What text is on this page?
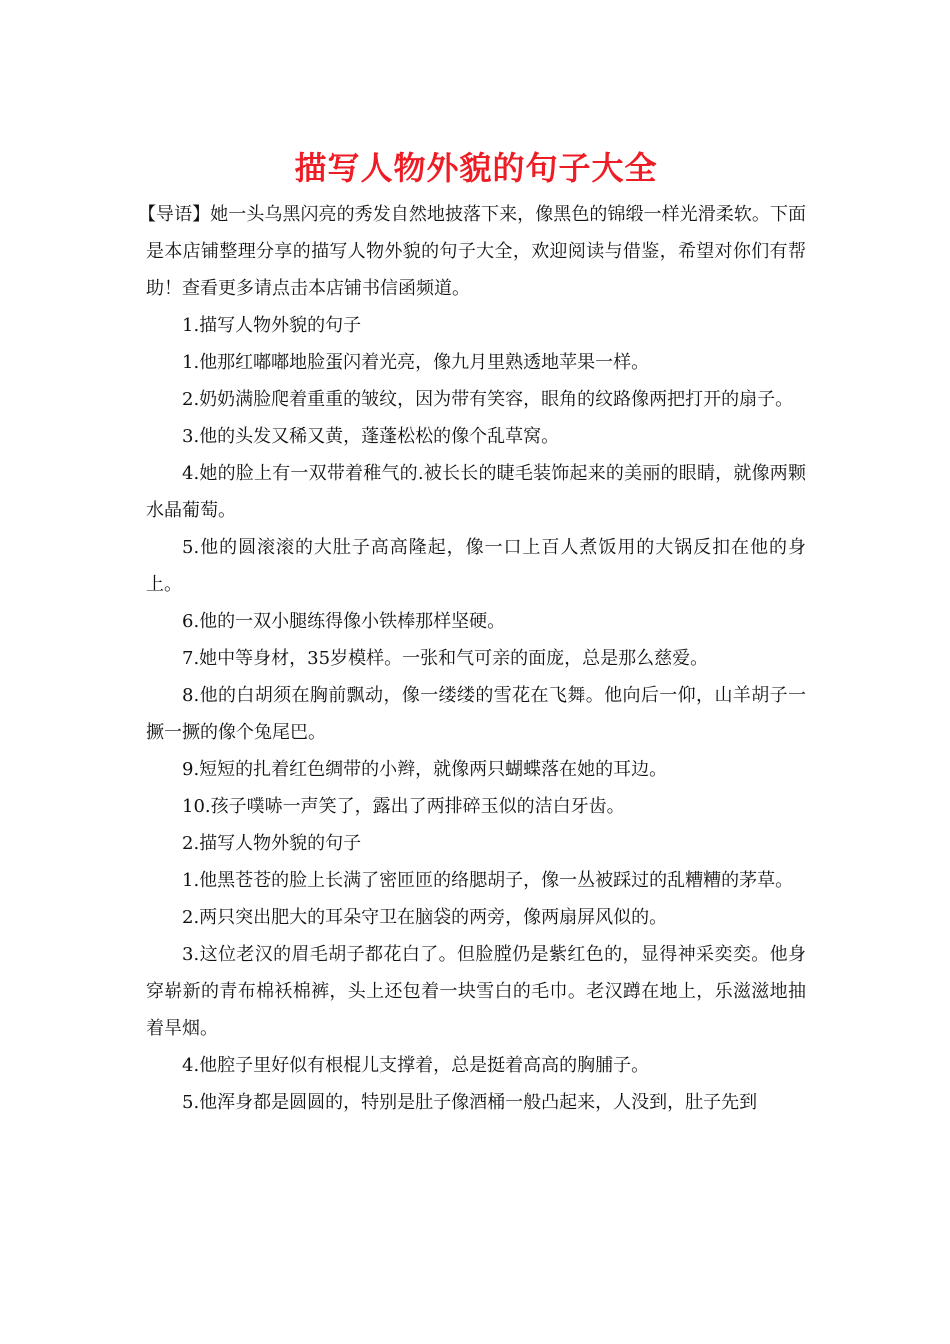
描写人物外貌的句子大全

【导语】她一头乌黑闪亮的秀发自然地披落下来，像黑色的锦缎一样光滑柔软。下面是本店铺整理分享的描写人物外貌的句子大全，欢迎阅读与借鉴，希望对你们有帮助！查看更多请点击本店铺书信函频道。

1.描写人物外貌的句子

1.他那红嘟嘟地脸蛋闪着光亮，像九月里熟透地苹果一样。

2.奶奶满脸爬着重重的皱纹，因为带有笑容，眼角的纹路像两把打开的扇子。

3.他的头发又稀又黄，蓬蓬松松的像个乱草窝。

4.她的脸上有一双带着稚气的.被长长的睫毛装饰起来的美丽的眼睛，就像两颗水晶葡萄。

5.他的圆滚滚的大肚子高高隆起，像一口上百人煮饭用的大锅反扣在他的身上。

6.他的一双小腿练得像小铁棒那样坚硬。

7.她中等身材，35岁模样。一张和气可亲的面庞，总是那么慈爱。

8.他的白胡须在胸前飘动，像一缕缕的雪花在飞舞。他向后一仰，山羊胡子一撅一撅的像个兔尾巴。

9.短短的扎着红色绸带的小辫，就像两只蝴蝶落在她的耳边。

10.孩子噗哧一声笑了，露出了两排碎玉似的洁白牙齿。

2.描写人物外貌的句子

1.他黑苍苍的脸上长满了密匝匝的络腮胡子，像一丛被踩过的乱糟糟的茅草。

2.两只突出肥大的耳朵守卫在脑袋的两旁，像两扇屏风似的。

3.这位老汉的眉毛胡子都花白了。但脸膛仍是紫红色的，显得神采奕奕。他身穿崭新的青布棉袄棉裤，头上还包着一块雪白的毛巾。老汉蹲在地上，乐滋滋地抽着旱烟。

4.他腔子里好似有根棍儿支撑着，总是挺着高高的胸脯子。

5.他浑身都是圆圆的，特别是肚子像酒桶一般凸起来，人没到，肚子先到
